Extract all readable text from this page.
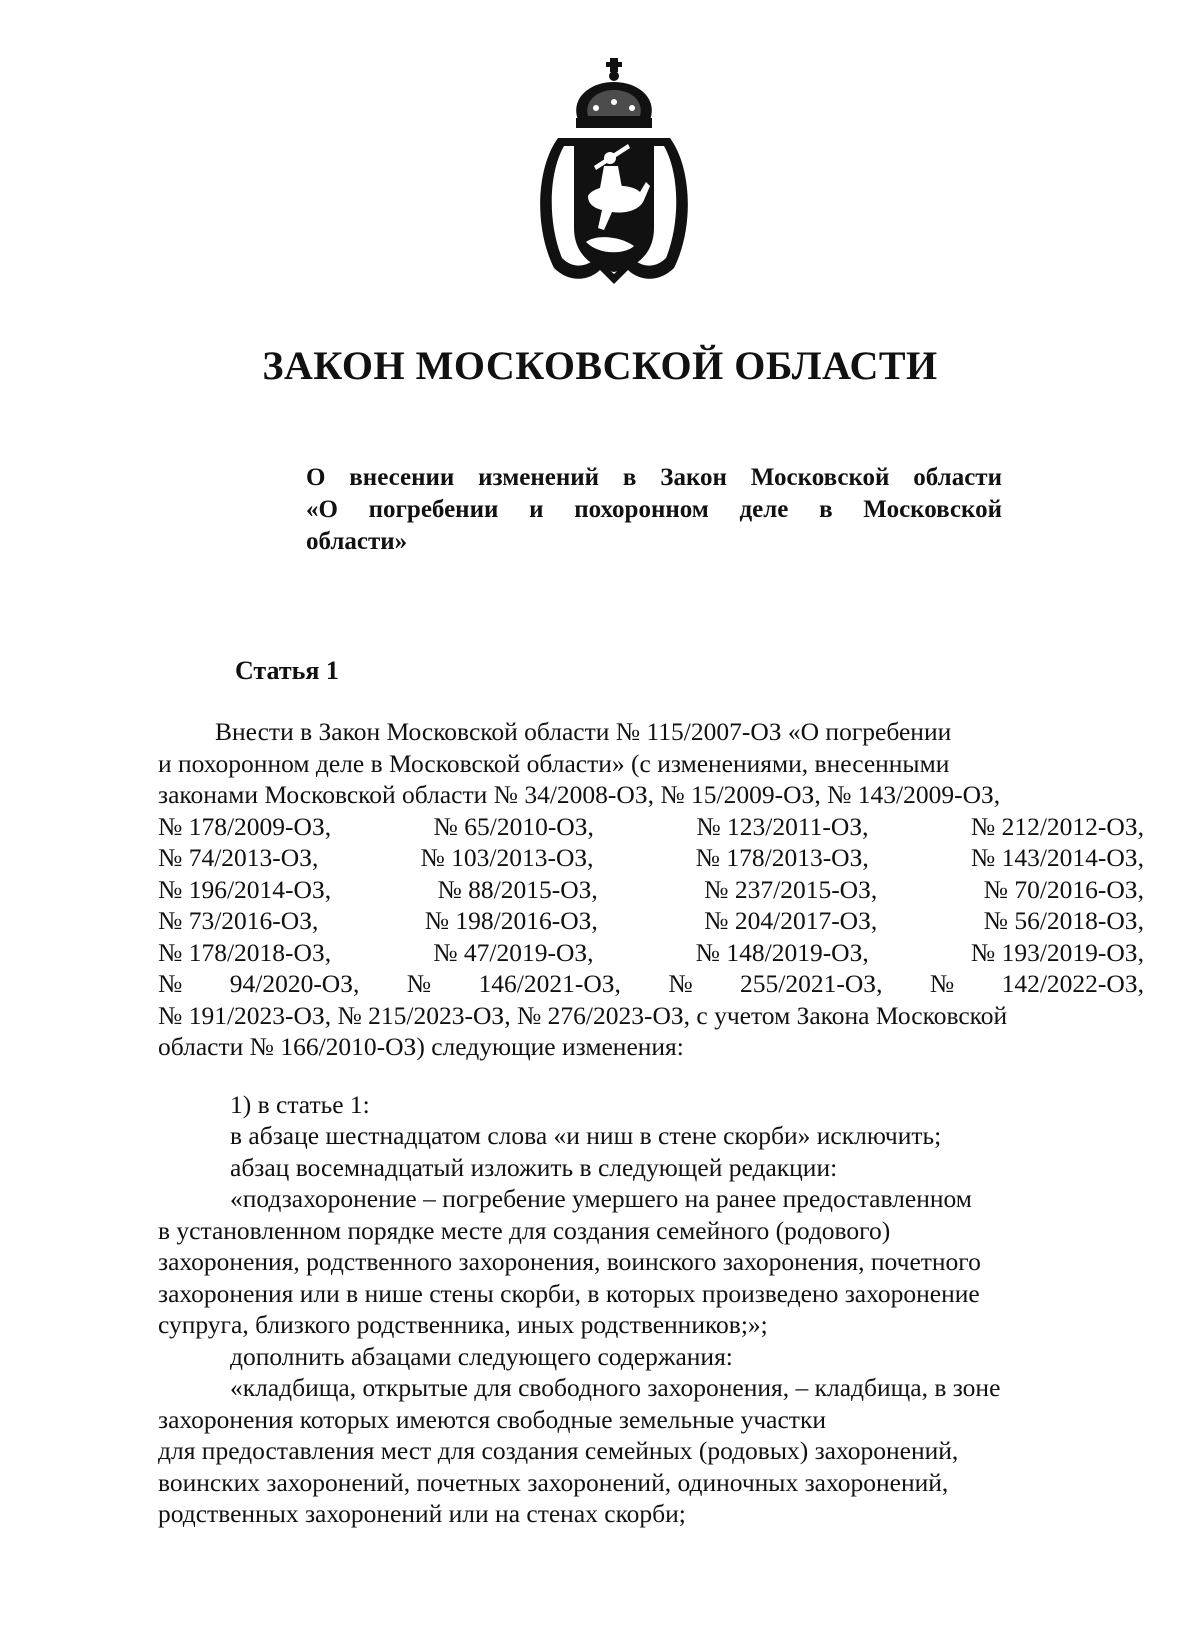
ЗАКОН МОСКОВСКОЙ ОБЛАСТИ
О внесении изменений в Закон Московской области
«О погребении и похоронном деле в Московской
области»
Статья 1
Внести в Закон Московской области № 115/2007-ОЗ «О погребении
и похоронном деле в Московской области» (с изменениями, внесенными
законами Московской области № 34/2008-ОЗ, № 15/2009-ОЗ, № 143/2009-ОЗ,
№ 178/2009-ОЗ,	№ 65/2010-ОЗ,	№ 123/2011-ОЗ,	№ 212/2012-ОЗ,
№ 74/2013-ОЗ,	№ 103/2013-ОЗ,	№ 178/2013-ОЗ,	№ 143/2014-ОЗ,
№ 196/2014-ОЗ,	№ 88/2015-ОЗ,	№ 237/2015-ОЗ,	№ 70/2016-ОЗ,
№ 73/2016-ОЗ,	№ 198/2016-ОЗ,	№ 204/2017-ОЗ,	№ 56/2018-ОЗ,
№ 178/2018-ОЗ,	№ 47/2019-ОЗ,	№ 148/2019-ОЗ,	№ 193/2019-ОЗ,
№ 94/2020-ОЗ, № 146/2021-ОЗ, № 255/2021-ОЗ, № 142/2022-ОЗ,
№ 191/2023-ОЗ, № 215/2023-ОЗ, № 276/2023-ОЗ, с учетом Закона Московской
области № 166/2010-ОЗ) следующие изменения:
1) в статье 1:
в абзаце шестнадцатом слова «и ниш в стене скорби» исключить;
абзац восемнадцатый изложить в следующей редакции:
«подзахоронение – погребение умершего на ранее предоставленном
в установленном порядке месте для создания семейного (родового)
захоронения, родственного захоронения, воинского захоронения, почетного
захоронения или в нише стены скорби, в которых произведено захоронение
супруга, близкого родственника, иных родственников;»;
дополнить абзацами следующего содержания:
«кладбища, открытые для свободного захоронения, – кладбища, в зоне
захоронения которых имеются свободные земельные участки
для предоставления мест для создания семейных (родовых) захоронений,
воинских захоронений, почетных захоронений, одиночных захоронений,
родственных захоронений или на стенах скорби;
